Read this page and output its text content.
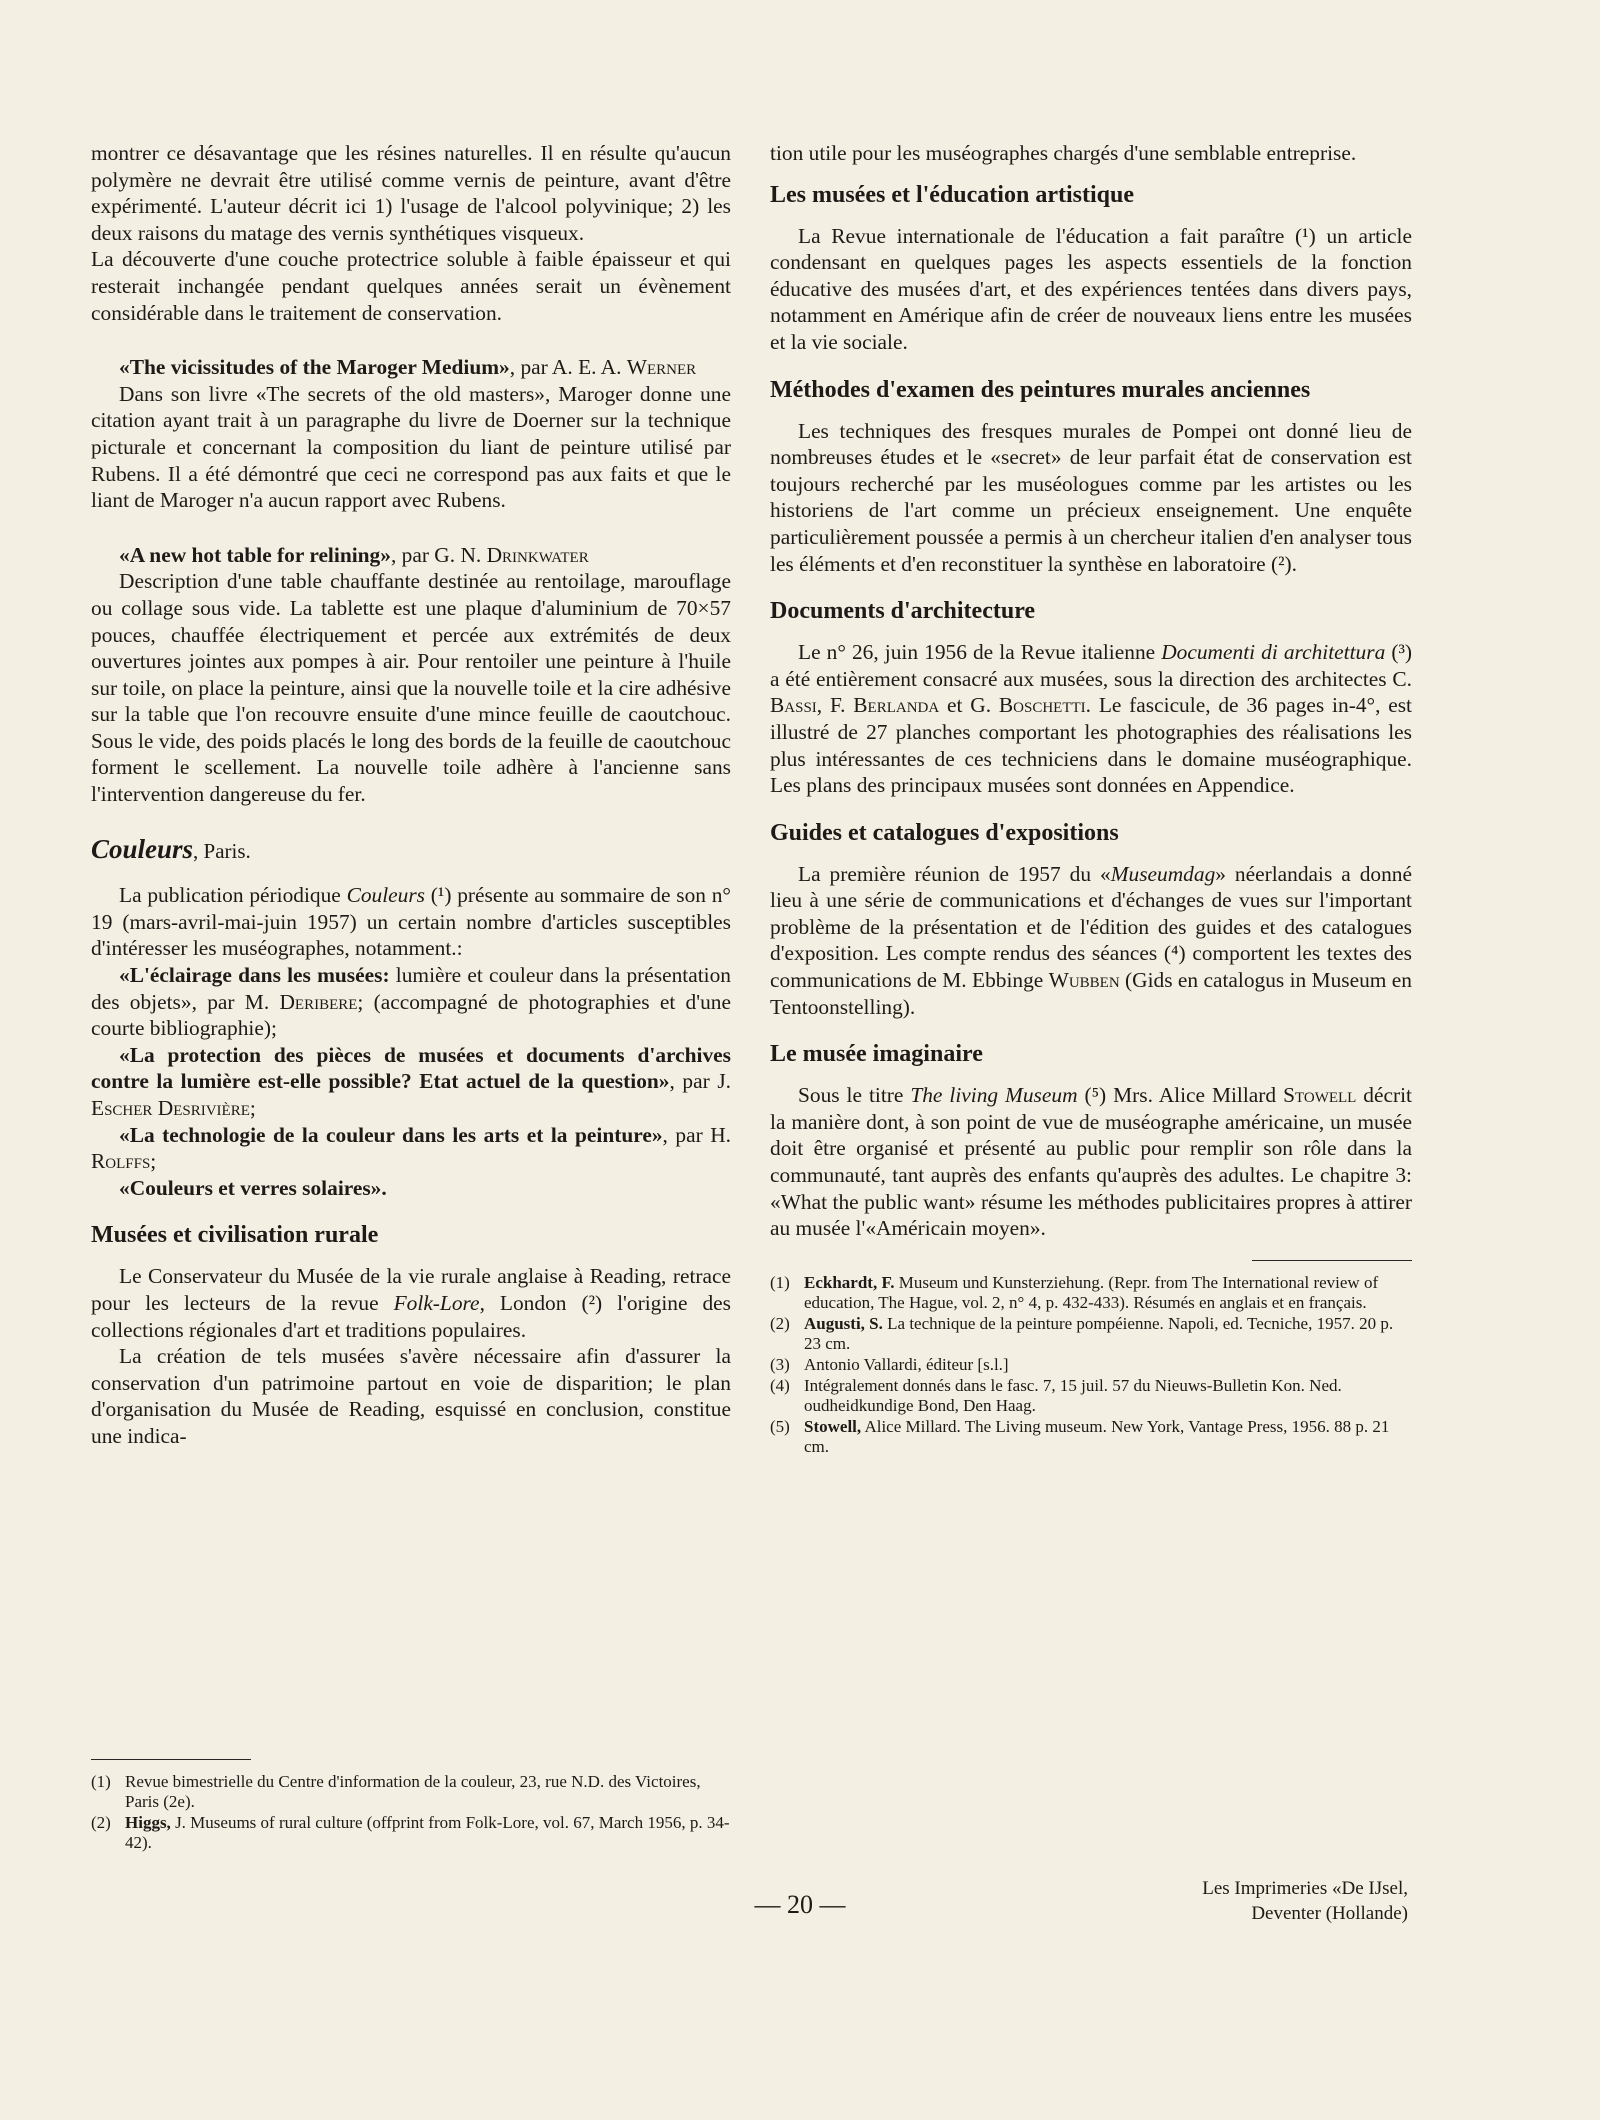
montrer ce désavantage que les résines naturelles. Il en résulte qu'aucun polymère ne devrait être utilisé comme vernis de peinture, avant d'être expérimenté. L'auteur décrit ici 1) l'usage de l'alcool polyvinique; 2) les deux raisons du matage des vernis synthétiques visqueux.

La découverte d'une couche protectrice soluble à faible épaisseur et qui resterait inchangée pendant quelques années serait un évènement considérable dans le traitement de conservation.

«The vicissitudes of the Maroger Medium», par A. E. A. Werner

Dans son livre «The secrets of the old masters», Maroger donne une citation ayant trait à un paragraphe du livre de Doerner sur la technique picturale et concernant la composition du liant de peinture utilisé par Rubens. Il a été démontré que ceci ne correspond pas aux faits et que le liant de Maroger n'a aucun rapport avec Rubens.

«A new hot table for relining», par G. N. Drinkwater

Description d'une table chauffante destinée au rentoilage, marouflage ou collage sous vide. La tablette est une plaque d'aluminium de 70×57 pouces, chauffée électriquement et percée aux extrémités de deux ouvertures jointes aux pompes à air. Pour rentoiler une peinture à l'huile sur toile, on place la peinture, ainsi que la nouvelle toile et la cire adhésive sur la table que l'on recouvre ensuite d'une mince feuille de caoutchouc. Sous le vide, des poids placés le long des bords de la feuille de caoutchouc forment le scellement. La nouvelle toile adhère à l'ancienne sans l'intervention dangereuse du fer.

Couleurs, Paris.

La publication périodique Couleurs (¹) présente au sommaire de son n° 19 (mars-avril-mai-juin 1957) un certain nombre d'articles susceptibles d'intéresser les muséographes, notamment.:

«L'éclairage dans les musées: lumière et couleur dans la présentation des objets», par M. Deribere; (accompagné de photographies et d'une courte bibliographie);

«La protection des pièces de musées et documents d'archives contre la lumière est-elle possible? Etat actuel de la question», par J. Escher Desrivière;

«La technologie de la couleur dans les arts et la peinture», par H. Rolffs;

«Couleurs et verres solaires».

Musées et civilisation rurale

Le Conservateur du Musée de la vie rurale anglaise à Reading, retrace pour les lecteurs de la revue Folk-Lore, London (²) l'origine des collections régionales d'art et traditions populaires.

La création de tels musées s'avère nécessaire afin d'assurer la conservation d'un patrimoine partout en voie de disparition; le plan d'organisation du Musée de Reading, esquissé en conclusion, constitue une indica-

(1) Revue bimestrielle du Centre d'information de la couleur, 23, rue N.D. des Victoires, Paris (2e).
(2) Higgs, J. Museums of rural culture (offprint from Folk-Lore, vol. 67, March 1956, p. 34-42).

tion utile pour les muséographes chargés d'une semblable entreprise.

Les musées et l'éducation artistique

La Revue internationale de l'éducation a fait paraître (¹) un article condensant en quelques pages les aspects essentiels de la fonction éducative des musées d'art, et des expériences tentées dans divers pays, notamment en Amérique afin de créer de nouveaux liens entre les musées et la vie sociale.

Méthodes d'examen des peintures murales anciennes

Les techniques des fresques murales de Pompei ont donné lieu de nombreuses études et le «secret» de leur parfait état de conservation est toujours recherché par les muséologues comme par les artistes ou les historiens de l'art comme un précieux enseignement. Une enquête particulièrement poussée a permis à un chercheur italien d'en analyser tous les éléments et d'en reconstituer la synthèse en laboratoire (²).

Documents d'architecture

Le n° 26, juin 1956 de la Revue italienne Documenti di architettura (³) a été entièrement consacré aux musées, sous la direction des architectes C. Bassi, F. Berlanda et G. Boschetti. Le fascicule, de 36 pages in-4°, est illustré de 27 planches comportant les photographies des réalisations les plus intéressantes de ces techniciens dans le domaine muséographique. Les plans des principaux musées sont données en Appendice.

Guides et catalogues d'expositions

La première réunion de 1957 du «Museumdag» néerlandais a donné lieu à une série de communications et d'échanges de vues sur l'important problème de la présentation et de l'édition des guides et des catalogues d'exposition. Les compte rendus des séances (⁴) comportent les textes des communications de M. Ebbinge Wubben (Gids en catalogus in Museum en Tentoonstelling).

Le musée imaginaire

Sous le titre The living Museum (⁵) Mrs. Alice Millard Stowell décrit la manière dont, à son point de vue de muséographe américaine, un musée doit être organisé et présenté au public pour remplir son rôle dans la communauté, tant auprès des enfants qu'auprès des adultes. Le chapitre 3: «What the public want» résume les méthodes publicitaires propres à attirer au musée l'«Américain moyen».

(1) Eckhardt, F. Museum und Kunsterziehung. (Repr. from The International review of education, The Hague, vol. 2, n° 4, p. 432-433). Résumés en anglais et en français.
(2) Augusti, S. La technique de la peinture pompéienne. Napoli, ed. Tecniche, 1957. 20 p. 23 cm.
(3) Antonio Vallardi, éditeur [s.l.]
(4) Intégralement donnés dans le fasc. 7, 15 juil. 57 du Nieuws-Bulletin Kon. Ned. oudheidkundige Bond, Den Haag.
(5) Stowell, Alice Millard. The Living museum. New York, Vantage Press, 1956. 88 p. 21 cm.
— 20 —
Les Imprimeries «De IJsel,
Deventer (Hollande)
